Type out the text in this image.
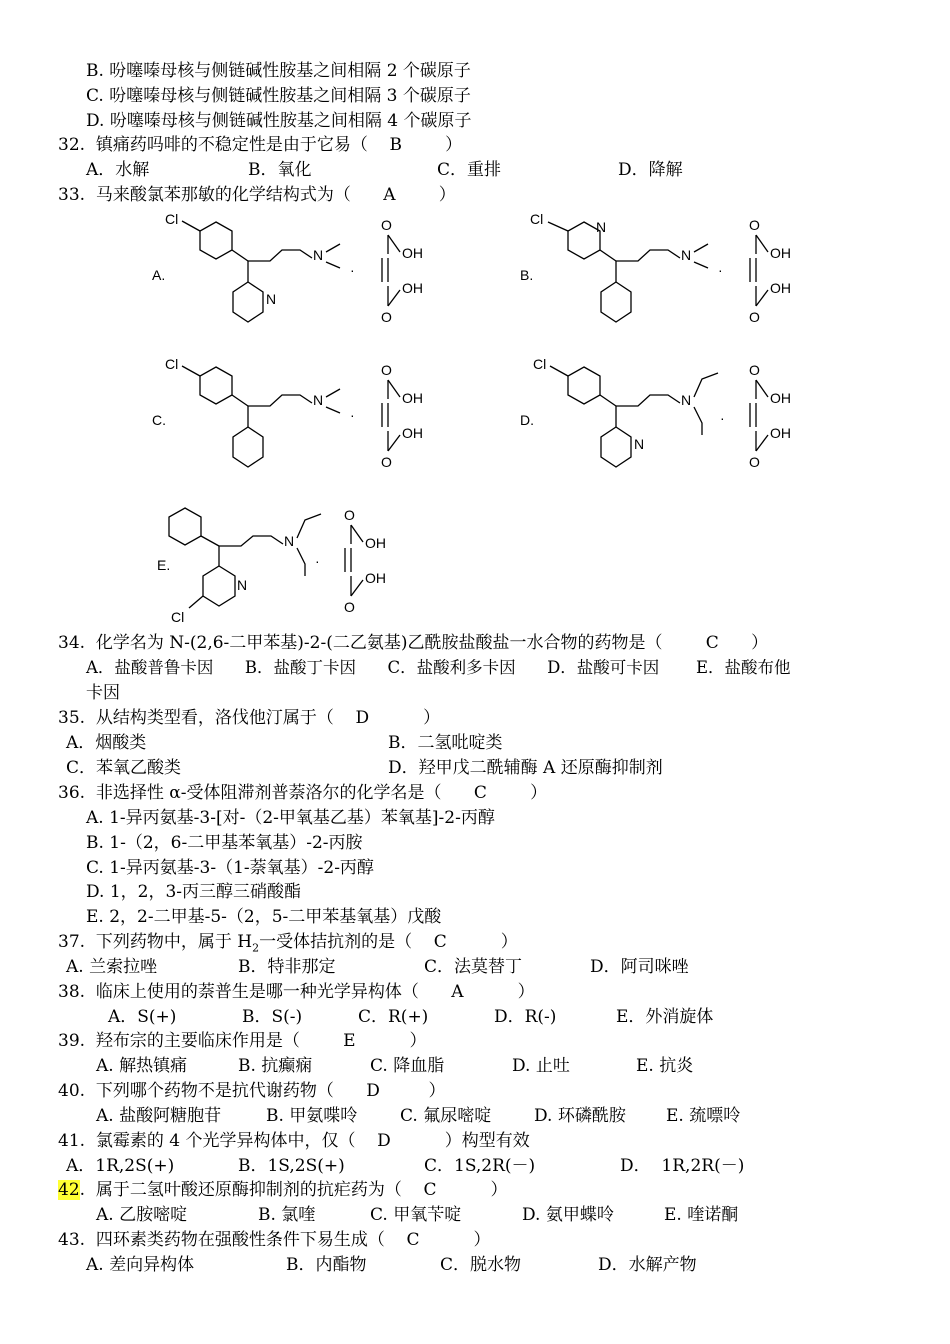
B. 吩噻嗪母核与侧链碱性胺基之间相隔 2 个碳原子
C. 吩噻嗪母核与侧链碱性胺基之间相隔 3 个碳原子
D. 吩噻嗪母核与侧链碱性胺基之间相隔 4 个碳原子
32.  镇痛药吗啡的不稳定性是由于它易（    B        ）
A．水解	B．氧化	C．重排	D．降解
33.  马来酸氯苯那敏的化学结构式为（      A        ）
A.
Cl
N
N
·
O
OH
OH
O
B.
Cl	N
N
·
O
OH
OH
O
C.
Cl
N
·
O
OH
OH
O
D.
Cl
N
N
·
O
OH
OH
O
E.
N
N
Cl
·
O
OH
OH
O
34.  化学名为 N-(2,6-二甲苯基)-2-(二乙氨基)乙酰胺盐酸盐一水合物的药物是（        C      ）
A．盐酸普鲁卡因      B．盐酸丁卡因      C．盐酸利多卡因      D．盐酸可卡因       E．盐酸布他
卡因
35.  从结构类型看，洛伐他汀属于（    D          ）
A．烟酸类	B．二氢吡啶类
C．苯氧乙酸类	D．羟甲戊二酰辅酶 A 还原酶抑制剂
36.  非选择性 α-受体阻滞剂普萘洛尔的化学名是（      C        ）
A. 1-异丙氨基-3-[对-（2-甲氧基乙基）苯氧基]-2-丙醇
B. 1-（2，6-二甲基苯氧基）-2-丙胺
C. 1-异丙氨基-3-（1-萘氧基）-2-丙醇
D. 1，2，3-丙三醇三硝酸酯
E. 2，2-二甲基-5-（2，5-二甲苯基氧基）戊酸
37.  下列药物中，属于 $H_2$一受体拮抗剂的是（    C          ）
A. 兰索拉唑	B．特非那定	C．法莫替丁	D．阿司咪唑
38.  临床上使用的萘普生是哪一种光学异构体（      A          ）
A．S(+)	B．S(-)	C．R(+)	D．R(-)	E．外消旋体
39.  羟布宗的主要临床作用是（        E          ）
A. 解热镇痛	B. 抗癫痫	C. 降血脂	D. 止吐	E. 抗炎
40.  下列哪个药物不是抗代谢药物（      D         ）
A. 盐酸阿糖胞苷	B. 甲氨喋呤	C. 氟尿嘧啶	D. 环磷酰胺 E. 巯嘌呤
41.  氯霉素的 4 个光学异构体中，仅（    D          ）构型有效
A．1R,2S(+)	B．1S,2S(+)	C．1S,2R(－)	D．  1R,2R(－)
42.  属于二氢叶酸还原酶抑制剂的抗疟药为（    C          ）
A. 乙胺嘧啶	B. 氯喹	C. 甲氧苄啶	D. 氨甲蝶呤	E. 喹诺酮
43.  四环素类药物在强酸性条件下易生成（    C          ）
A. 差向异构体	B．内酯物	C．脱水物	D．水解产物
